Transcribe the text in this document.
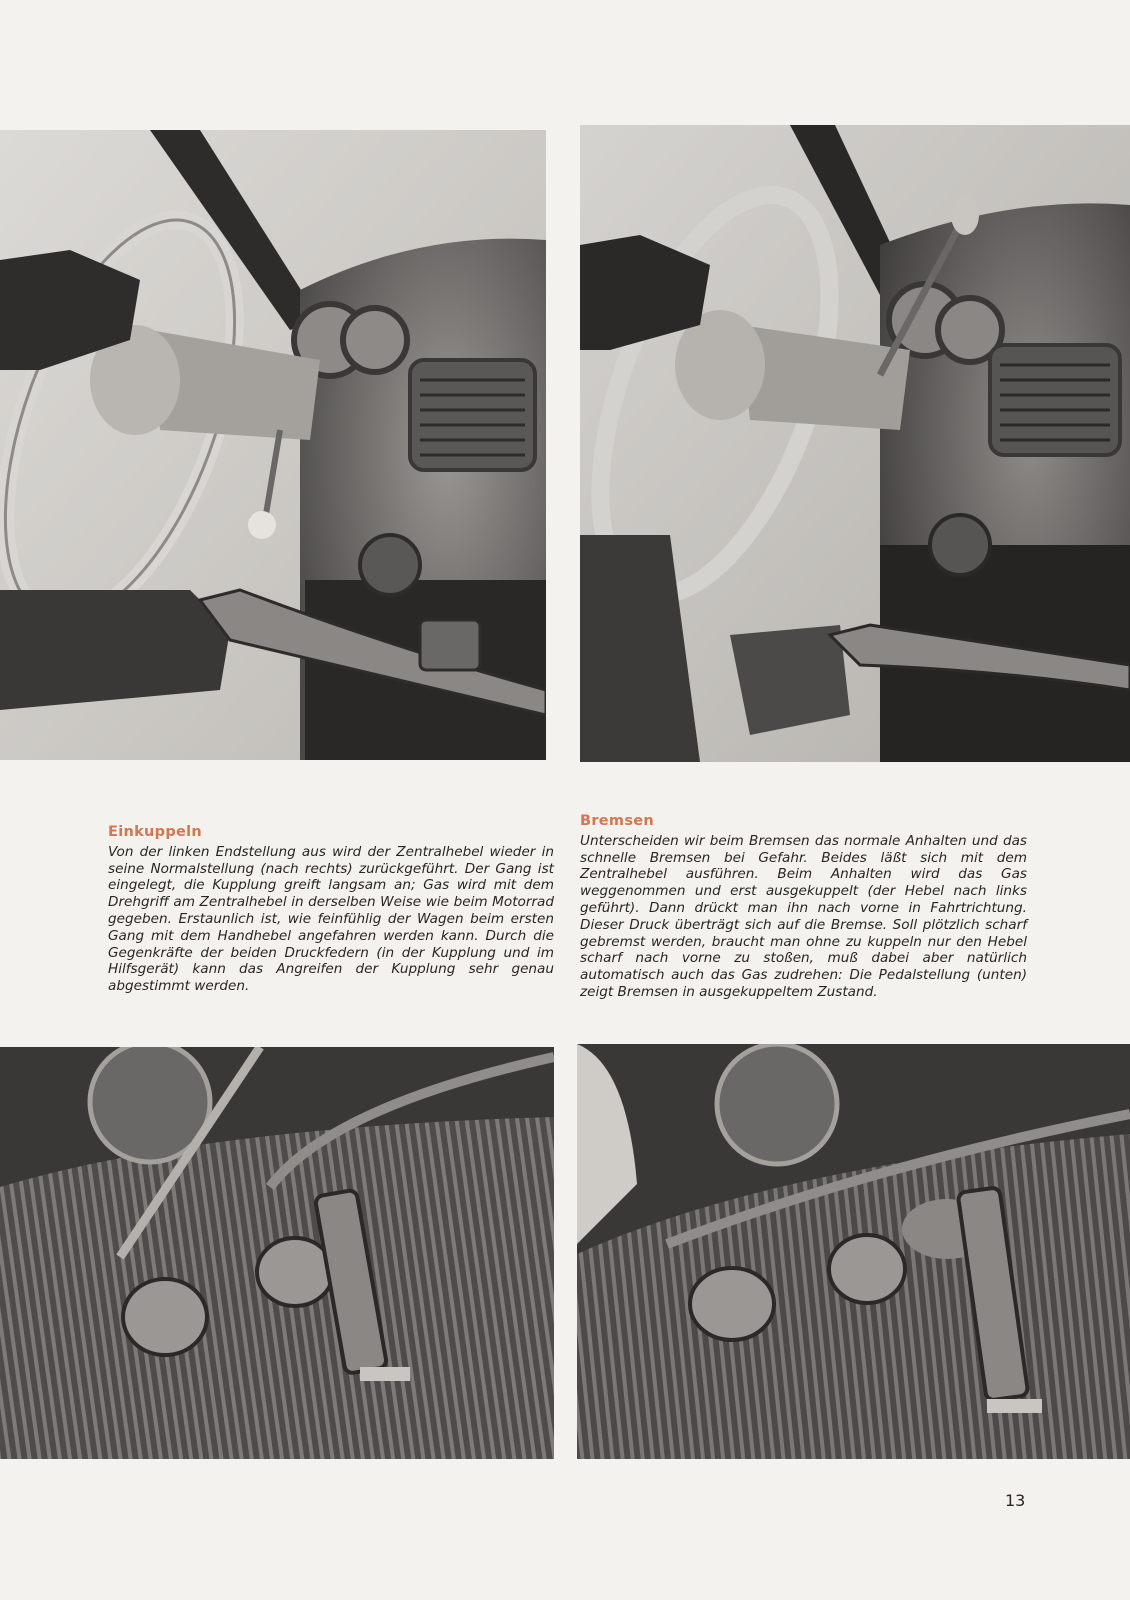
Einkuppeln

Von der linken Endstellung aus wird der Zentralhebel wieder in seine Normalstellung (nach rechts) zurückgeführt. Der Gang ist eingelegt, die Kupplung greift langsam an; Gas wird mit dem Drehgriff am Zentralhebel in derselben Weise wie beim Motorrad gegeben. Erstaunlich ist, wie feinfühlig der Wagen beim ersten Gang mit dem Handhebel angefahren werden kann. Durch die Gegenkräfte der beiden Druckfedern (in der Kupplung und im Hilfsgerät) kann das Angreifen der Kupplung sehr genau abgestimmt werden.

Bremsen

Unterscheiden wir beim Bremsen das normale Anhalten und das schnelle Bremsen bei Gefahr. Beides läßt sich mit dem Zentralhebel ausführen. Beim Anhalten wird das Gas weggenommen und erst ausgekuppelt (der Hebel nach links geführt). Dann drückt man ihn nach vorne in Fahrtrichtung. Dieser Druck überträgt sich auf die Bremse. Soll plötzlich scharf gebremst werden, braucht man ohne zu kuppeln nur den Hebel scharf nach vorne zu stoßen, muß dabei aber natürlich automatisch auch das Gas zudrehen: Die Pedalstellung (unten) zeigt Bremsen in ausgekuppeltem Zustand.

13
